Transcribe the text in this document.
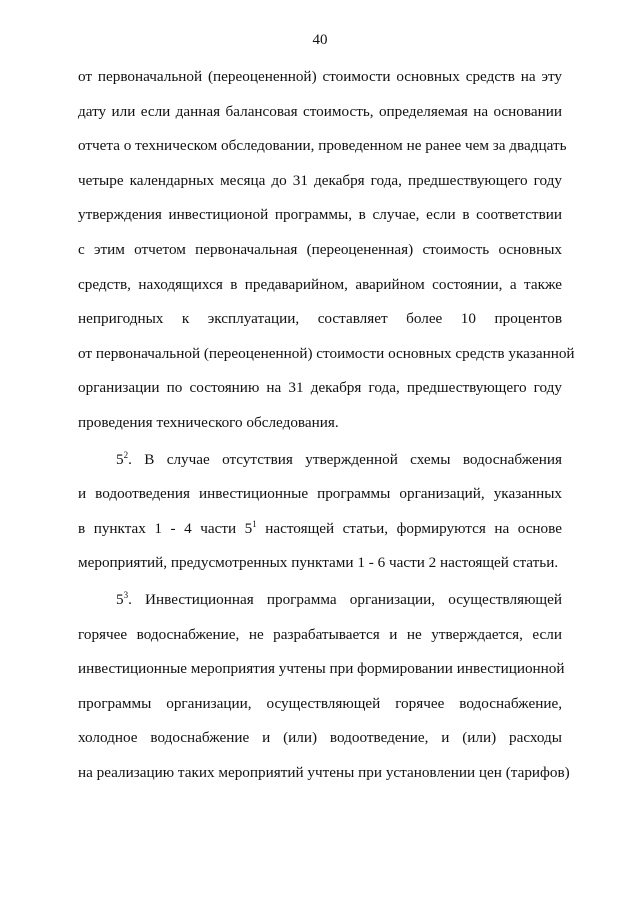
40
от первоначальной (переоцененной) стоимости основных средств на эту
дату или если данная балансовая стоимость, определяемая на основании
отчета о техническом обследовании, проведенном не ранее чем за двадцать
четыре календарных месяца до 31 декабря года, предшествующего году
утверждения инвестиционой программы, в случае, если в соответствии
с этим отчетом первоначальная (переоцененная) стоимость основных
средств, находящихся в предаварийном, аварийном состоянии, а также
непригодных к эксплуатации, составляет более 10 процентов
от первоначальной (переоцененной) стоимости основных средств указанной
организации по состоянию на 31 декабря года, предшествующего году
проведения технического обследования.
$5^2$. В случае отсутствия утвержденной схемы водоснабжения
и водоотведения инвестиционные программы организаций, указанных
в пунктах 1 - 4 части $5^1$ настоящей статьи, формируются на основе
мероприятий, предусмотренных пунктами 1 - 6 части 2 настоящей статьи.
$5^3$. Инвестиционная программа организации, осуществляющей
горячее водоснабжение, не разрабатывается и не утверждается, если
инвестиционные мероприятия учтены при формировании инвестиционной
программы организации, осуществляющей горячее водоснабжение,
холодное водоснабжение и (или) водоотведение, и (или) расходы
на реализацию таких мероприятий учтены при установлении цен (тарифов)
